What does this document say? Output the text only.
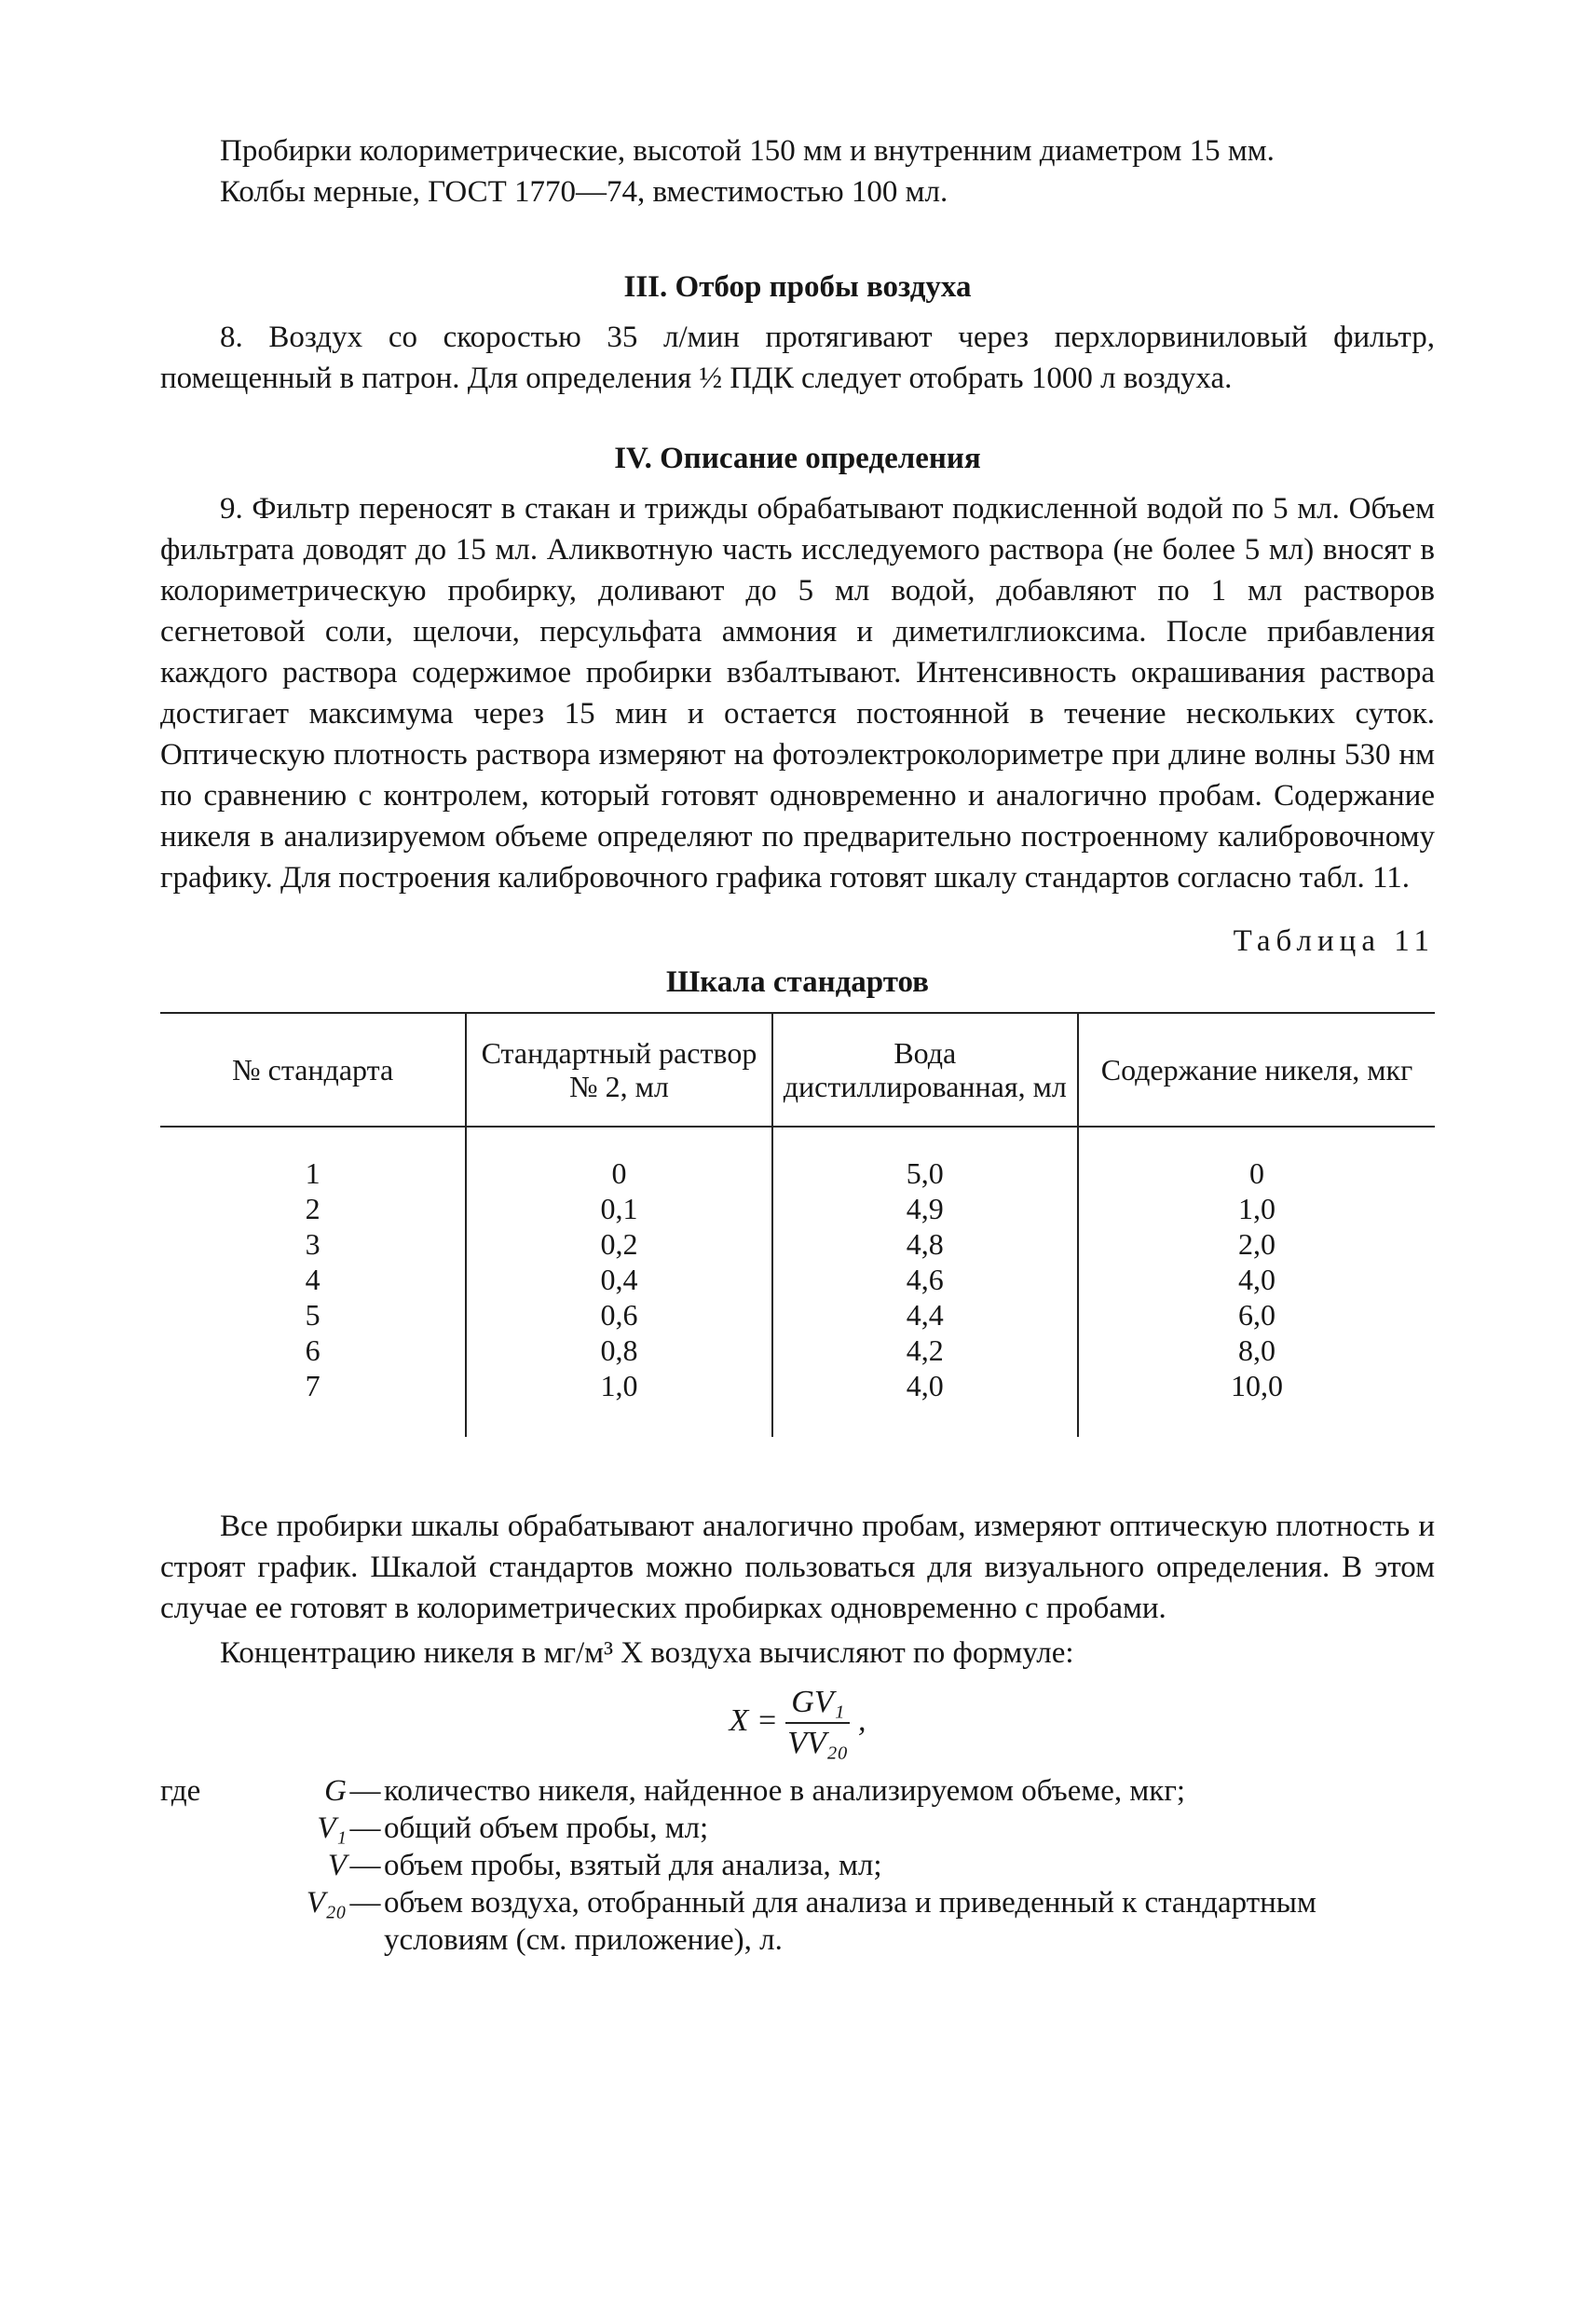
Пробирки колориметрические, высотой 150 мм и внутренним диаметром 15 мм.

Колбы мерные, ГОСТ 1770—74, вместимостью 100 мл.

III. Отбор пробы воздуха

8. Воздух со скоростью 35 л/мин протягивают через перхлорвиниловый фильтр, помещенный в патрон. Для определения ½ ПДК следует отобрать 1000 л воздуха.

IV. Описание определения

9. Фильтр переносят в стакан и трижды обрабатывают подкисленной водой по 5 мл. Объем фильтрата доводят до 15 мл. Аликвотную часть исследуемого раствора (не более 5 мл) вносят в колориметрическую пробирку, доливают до 5 мл водой, добавляют по 1 мл растворов сегнетовой соли, щелочи, персульфата аммония и диметилглиоксима. После прибавления каждого раствора содержимое пробирки взбалтывают. Интенсивность окрашивания раствора достигает максимума через 15 мин и остается постоянной в течение нескольких суток. Оптическую плотность раствора измеряют на фотоэлектроколориметре при длине волны 530 нм по сравнению с контролем, который готовят одновременно и аналогично пробам. Содержание никеля в анализируемом объеме определяют по предварительно построенному калибровочному графику. Для построения калибровочного графика готовят шкалу стандартов согласно табл. 11.

Таблица 11
Шкала стандартов
№ стандарта	Стандартный раствор № 2, мл	Вода дистиллированная, мл	Содержание никеля, мкг
1	0	5,0	0
2	0,1	4,9	1,0
3	0,2	4,8	2,0
4	0,4	4,6	4,0
5	0,6	4,4	6,0
6	0,8	4,2	8,0
7	1,0	4,0	10,0

Все пробирки шкалы обрабатывают аналогично пробам, измеряют оптическую плотность и строят график. Шкалой стандартов можно пользоваться для визуального определения. В этом случае ее готовят в колориметрических пробирках одновременно с пробами.

Концентрацию никеля в мг/м³ X воздуха вычисляют по формуле:

$X = \frac{\text{GV₁}}{\text{VV₂₀}}$ ,
где	G — количество никеля, найденное в анализируемом объеме, мкг;
V₁ — общий объем пробы, мл;
V — объем пробы, взятый для анализа, мл;
V₂₀ — объем воздуха, отобранный для анализа и приведенный к стандартным условиям (см. приложение), л.
